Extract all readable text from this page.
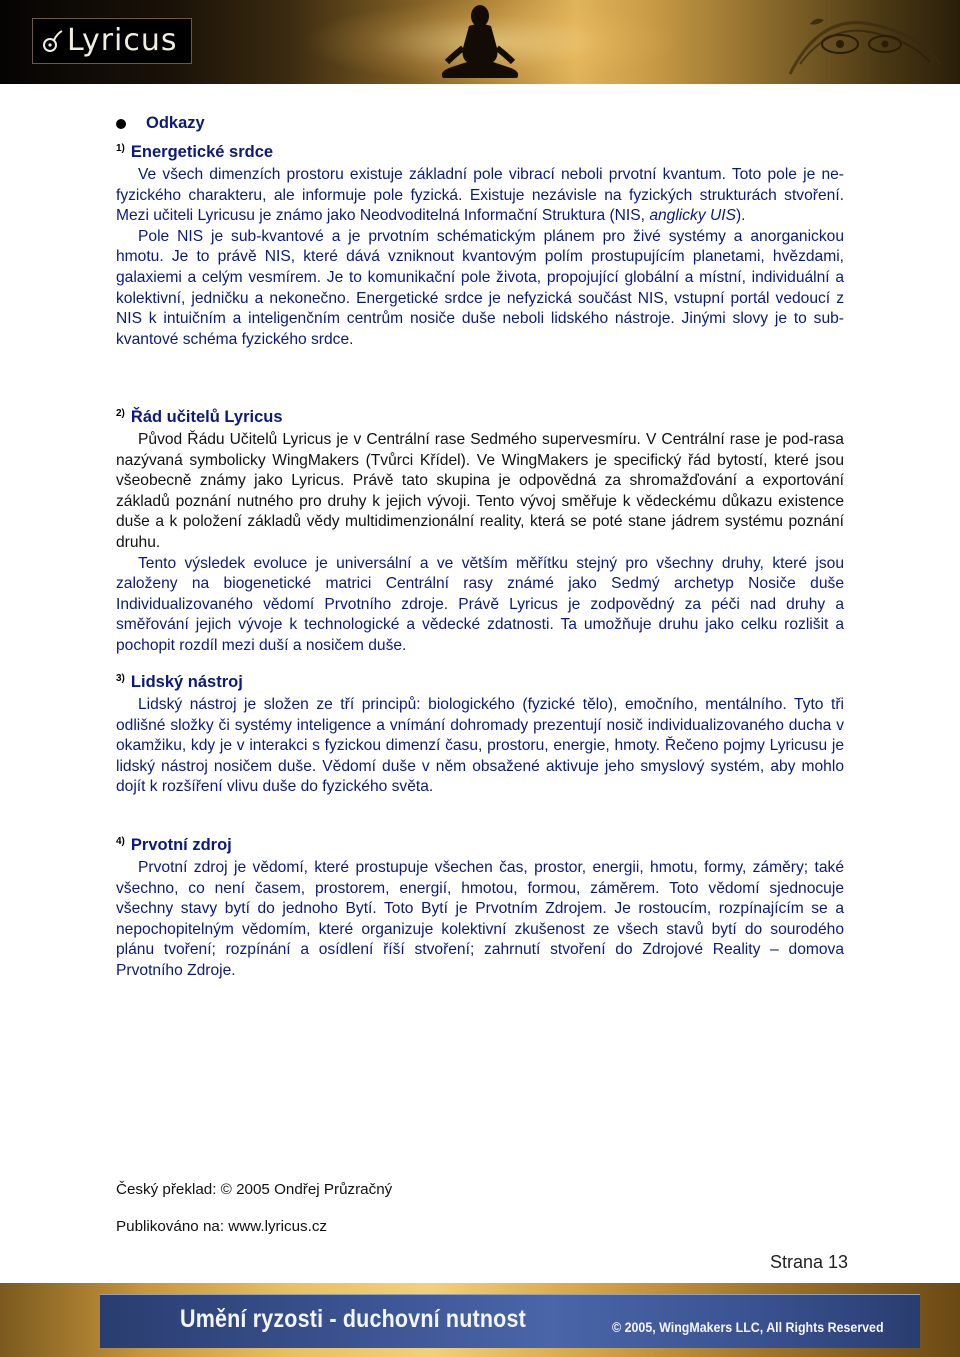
Lyricus
Odkazy
1) Energetické srdce

Ve všech dimenzích prostoru existuje základní pole vibrací neboli prvotní kvantum. Toto pole je ne-fyzického charakteru, ale informuje pole fyzická. Existuje nezávisle na fyzických strukturách stvoření. Mezi učiteli Lyricusu je známo jako Neodvoditelná Informační Struktura (NIS, anglicky UIS).

Pole NIS je sub-kvantové a je prvotním schématickým plánem pro živé systémy a anorganickou hmotu. Je to právě NIS, které dává vzniknout kvantovým polím prostupujícím planetami, hvězdami, galaxiemi a celým vesmírem. Je to komunikační pole života, propojující globální a místní, individuální a kolektivní, jedničku a nekonečno. Energetické srdce je nefyzická součást NIS, vstupní portál vedoucí z NIS k intuičním a inteligenčním centrům nosiče duše neboli lidského nástroje. Jinými slovy je to sub-kvantové schéma fyzického srdce.

2) Řád učitelů Lyricus

Původ Řádu Učitelů Lyricus je v Centrální rase Sedmého supervesmíru. V Centrální rase je pod-rasa nazývaná symbolicky WingMakers (Tvůrci Křídel). Ve WingMakers je specifický řád bytostí, které jsou všeobecně známy jako Lyricus. Právě tato skupina je odpovědná za shromažďování a exportování základů poznání nutného pro druhy k jejich vývoji. Tento vývoj směřuje k vědeckému důkazu existence duše a k položení základů vědy multidimenzionální reality, která se poté stane jádrem systému poznání druhu.

Tento výsledek evoluce je universální a ve větším měřítku stejný pro všechny druhy, které jsou založeny na biogenetické matrici Centrální rasy známé jako Sedmý archetyp Nosiče duše Individualizovaného vědomí Prvotního zdroje. Právě Lyricus je zodpovědný za péči nad druhy a směřování jejich vývoje k technologické a vědecké zdatnosti. Ta umožňuje druhu jako celku rozlišit a pochopit rozdíl mezi duší a nosičem duše.

3) Lidský nástroj

Lidský nástroj je složen ze tří principů: biologického (fyzické tělo), emočního, mentálního. Tyto tři odlišné složky či systémy inteligence a vnímání dohromady prezentují nosič individualizovaného ducha v okamžiku, kdy je v interakci s fyzickou dimenzí času, prostoru, energie, hmoty. Řečeno pojmy Lyricusu je lidský nástroj nosičem duše. Vědomí duše v něm obsažené aktivuje jeho smyslový systém, aby mohlo dojít k rozšíření vlivu duše do fyzického světa.

4) Prvotní zdroj

Prvotní zdroj je vědomí, které prostupuje všechen čas, prostor, energii, hmotu, formy, záměry; také všechno, co není časem, prostorem, energií, hmotou, formou, záměrem. Toto vědomí sjednocuje všechny stavy bytí do jednoho Bytí. Toto Bytí je Prvotním Zdrojem. Je rostoucím, rozpínajícím se a nepochopitelným vědomím, které organizuje kolektivní zkušenost ze všech stavů bytí do sourodého plánu tvoření; rozpínání a osídlení říší stvoření; zahrnutí stvoření do Zdrojové Reality – domova Prvotního Zdroje.

Český překlad: © 2005 Ondřej Průzračný
Publikováno na: www.lyricus.cz
Strana 13
Umění ryzosti - duchovní nutnost	© 2005, WingMakers LLC, All Rights Reserved
